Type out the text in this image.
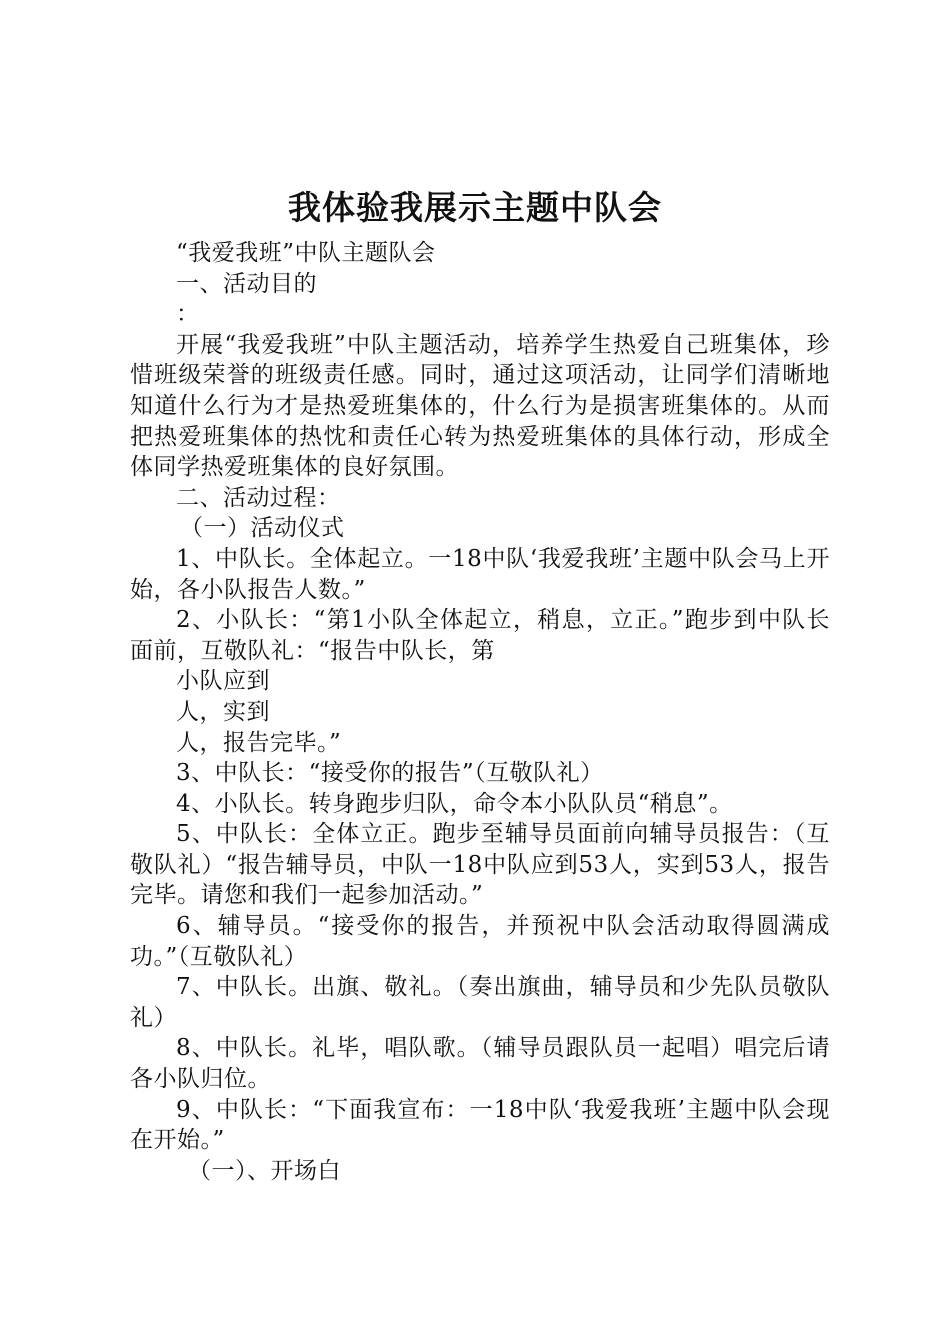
我体验我展示主题中队会

“我爱我班”中队主题队会

一、活动目的

：

开展“我爱我班”中队主题活动，培养学生热爱自己班集体，珍惜班级荣誉的班级责任感。同时，通过这项活动，让同学们清晰地知道什么行为才是热爱班集体的，什么行为是损害班集体的。从而把热爱班集体的热忱和责任心转为热爱班集体的具体行动，形成全体同学热爱班集体的良好氛围。

二、活动过程：

（一）活动仪式

1、中队长。全体起立。一18中队‘我爱我班’主题中队会马上开始，各小队报告人数。”

2、小队长：“第1小队全体起立，稍息，立正。”跑步到中队长面前，互敬队礼：“报告中队长，第

小队应到

人，实到

人，报告完毕。”

3、中队长：“接受你的报告”（互敬队礼）

4、小队长。转身跑步归队，命令本小队队员“稍息”。

5、中队长：全体立正。跑步至辅导员面前向辅导员报告：（互敬队礼）“报告辅导员，中队一18中队应到53人，实到53人，报告完毕。请您和我们一起参加活动。”

6、辅导员。“接受你的报告，并预祝中队会活动取得圆满成功。”（互敬队礼）

7、中队长。出旗、敬礼。（奏出旗曲，辅导员和少先队员敬队礼）

8、中队长。礼毕，唱队歌。（辅导员跟队员一起唱）唱完后请各小队归位。

9、中队长：“下面我宣布：一18中队‘我爱我班’主题中队会现在开始。”

（一）、开场白
